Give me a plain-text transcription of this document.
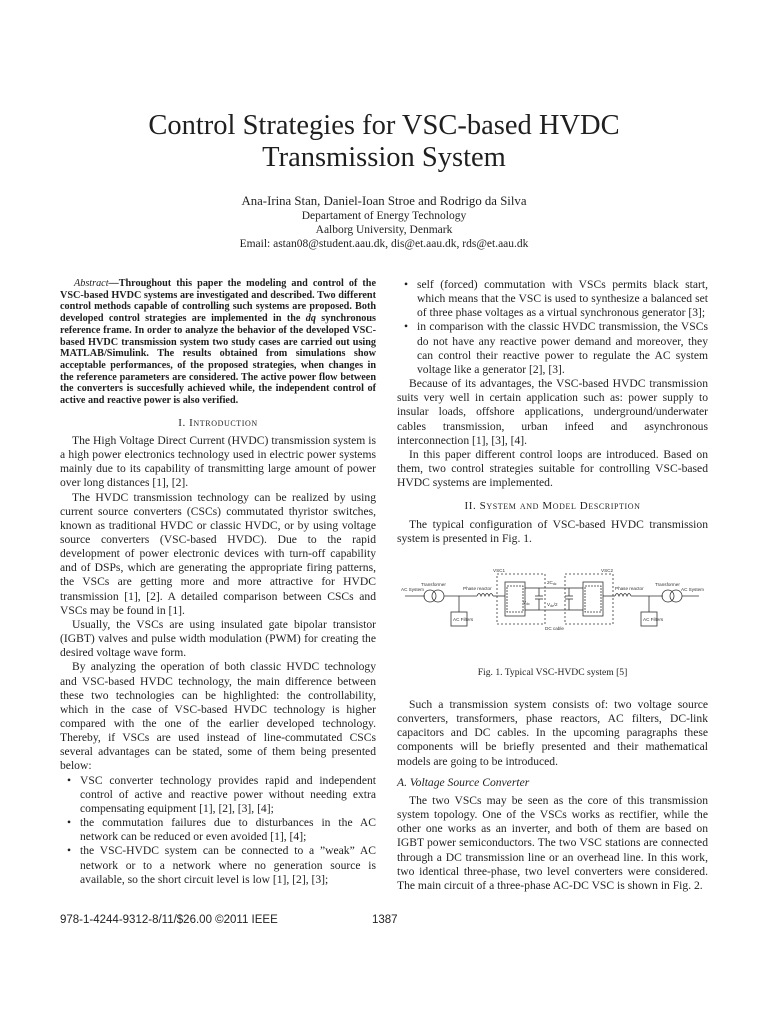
Control Strategies for VSC-based HVDC
Transmission System
Ana-Irina Stan, Daniel-Ioan Stroe and Rodrigo da Silva
Departament of Energy Technology
Aalborg University, Denmark
Email: astan08@student.aau.dk, dis@et.aau.dk, rds@et.aau.dk

Abstract—Throughout this paper the modeling and control of the VSC-based HVDC systems are investigated and described. Two different control methods capable of controlling such systems are proposed. Both developed control strategies are implemented in the dq synchronous reference frame. In order to analyze the behavior of the developed VSC-based HVDC transmission system two study cases are carried out using MATLAB/Simulink. The results obtained from simulations show acceptable performances, of the proposed strategies, when changes in the reference parameters are considered. The active power flow between the converters is succesfully achieved while, the independent control of active and reactive power is also verified.

I. Introduction

The High Voltage Direct Current (HVDC) transmission system is a high power electronics technology used in electric power systems mainly due to its capability of transmitting large amount of power over long distances [1], [2].

The HVDC transmission technology can be realized by using current source converters (CSCs) commutated thyristor switches, known as traditional HVDC or classic HVDC, or by using voltage source converters (VSC-based HVDC). Due to the rapid development of power electronic devices with turn-off capability and of DSPs, which are generating the appropriate firing patterns, the VSCs are getting more and more attractive for HVDC transmission [1], [2]. A detailed comparison between CSCs and VSCs may be found in [1].

Usually, the VSCs are using insulated gate bipolar transistor (IGBT) valves and pulse width modulation (PWM) for creating the desired voltage wave form.

By analyzing the operation of both classic HVDC technology and VSC-based HVDC technology, the main difference between these two technologies can be highlighted: the controllability, which in the case of VSC-based HVDC technology is higher compared with the one of the earlier developed technology. Thereby, if VSCs are used instead of line-commutated CSCs several advantages can be stated, some of them being presented below:

• VSC converter technology provides rapid and independent control of active and reactive power without needing extra compensating equipment [1], [2], [3], [4];
• the commutation failures due to disturbances in the AC network can be reduced or even avoided [1], [4];
• the VSC-HVDC system can be connected to a ”weak” AC network or to a network where no generation source is available, so the short circuit level is low [1], [2], [3];
• self (forced) commutation with VSCs permits black start, which means that the VSC is used to synthesize a balanced set of three phase voltages as a virtual synchronous generator [3];
• in comparison with the classic HVDC transmission, the VSCs do not have any reactive power demand and moreover, they can control their reactive power to regulate the AC system voltage like a generator [2], [3].

Because of its advantages, the VSC-based HVDC transmission suits very well in certain application such as: power supply to insular loads, offshore applications, underground/underwater cables transmission, urban infeed and asynchronous interconnection [1], [3], [4].

In this paper different control loops are introduced. Based on them, two control strategies suitable for controlling VSC-based HVDC systems are implemented.

II. System and Model Description

The typical configuration of VSC-based HVDC transmission system is presented in Fig. 1.

VSC1	VSC2
Transformer	Transformer
Phase reactor	Phase reactor
AC System	AC System
AC Filters	AC Filters
DC cable
$2C_{dc}$
$V_{dc}/2$
$V_{dc}$
Fig. 1. Typical VSC-HVDC system [5]

Such a transmission system consists of: two voltage source converters, transformers, phase reactors, AC filters, DC-link capacitors and DC cables. In the upcoming paragraphs these components will be briefly presented and their mathematical models are going to be introduced.

A. Voltage Source Converter

The two VSCs may be seen as the core of this transmission system topology. One of the VSCs works as rectifier, while the other one works as an inverter, and both of them are based on IGBT power semiconductors. The two VSC stations are connected through a DC transmission line or an overhead line. In this work, two identical three-phase, two level converters were considered. The main circuit of a three-phase AC-DC VSC is shown in Fig. 2.

978-1-4244-9312-8/11/$26.00 ©2011 IEEE	1387
